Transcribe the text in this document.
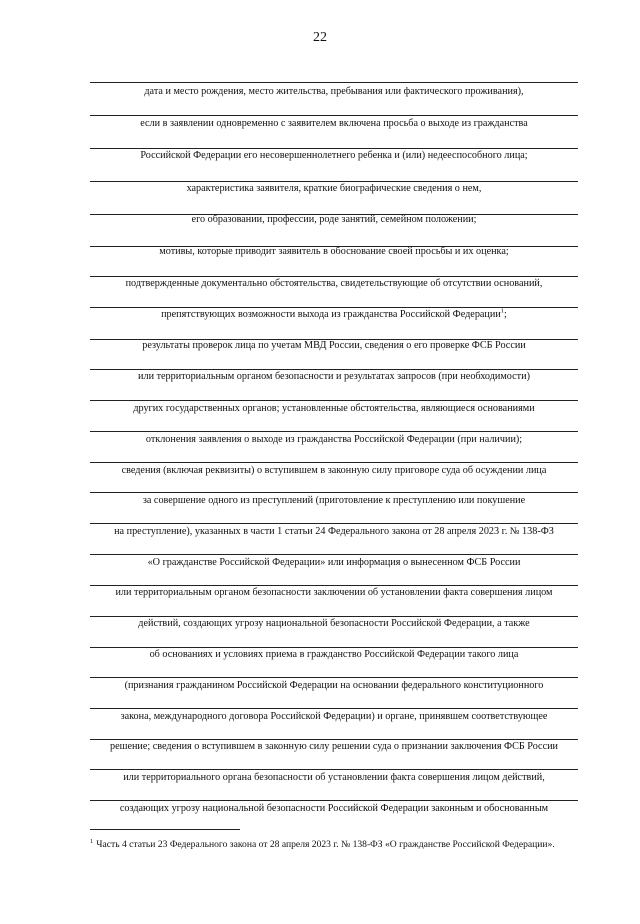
22
дата и место рождения, место жительства, пребывания или фактического проживания),
если в заявлении одновременно с заявителем включена просьба о выходе из гражданства
Российской Федерации его несовершеннолетнего ребенка и (или) недееспособного лица;
характеристика заявителя, краткие биографические сведения о нем,
его образовании, профессии, роде занятий, семейном положении;
мотивы, которые приводит заявитель в обоснование своей просьбы и их оценка;
подтвержденные документально обстоятельства, свидетельствующие об отсутствии оснований,
препятствующих возможности выхода из гражданства Российской Федерации$^1$;
результаты проверок лица по учетам МВД России, сведения о его проверке ФСБ России
или территориальным органом безопасности и результатах запросов (при необходимости)
других государственных органов; установленные обстоятельства, являющиеся основаниями
отклонения заявления о выходе из гражданства Российской Федерации (при наличии);
сведения (включая реквизиты) о вступившем в законную силу приговоре суда об осуждении лица
за совершение одного из преступлений (приготовление к преступлению или покушение
на преступление), указанных в части 1 статьи 24 Федерального закона от 28 апреля 2023 г. № 138-ФЗ
«О гражданстве Российской Федерации» или информация о вынесенном ФСБ России
или территориальным органом безопасности заключении об установлении факта совершения лицом
действий, создающих угрозу национальной безопасности Российской Федерации, а также
об основаниях и условиях приема в гражданство Российской Федерации такого лица
(признания гражданином Российской Федерации на основании федерального конституционного
закона, международного договора Российской Федерации) и органе, принявшем соответствующее
решение; сведения о вступившем в законную силу решении суда о признании заключения ФСБ России
или территориального органа безопасности об установлении факта совершения лицом действий,
создающих угрозу национальной безопасности Российской Федерации законным и обоснованным
$^1$ Часть 4 статьи 23 Федерального закона от 28 апреля 2023 г. № 138-ФЗ «О гражданстве Российской Федерации».
